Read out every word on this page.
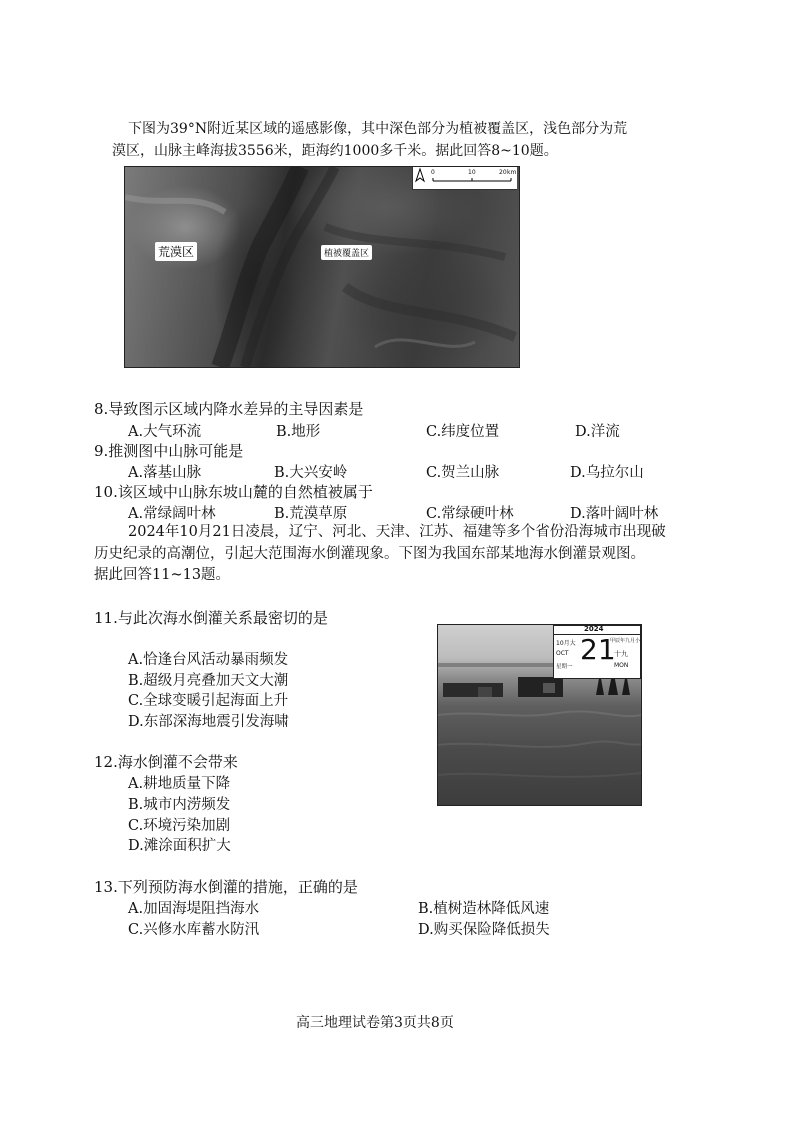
下图为39°N附近某区域的遥感影像，其中深色部分为植被覆盖区，浅色部分为荒
漠区，山脉主峰海拔3556米，距海约1000多千米。据此回答8~10题。
荒漠区	植被覆盖区
0	10	20 km
8.导致图示区域内降水差异的主导因素是
A.大气环流	B.地形	C.纬度位置	D.洋流
9.推测图中山脉可能是
A.落基山脉	B.大兴安岭	C.贺兰山脉	D.乌拉尔山
10.该区域中山脉东坡山麓的自然植被属于
A.常绿阔叶林	B.荒漠草原	C.常绿硬叶林	D.落叶阔叶林
2024年10月21日凌晨，辽宁、河北、天津、江苏、福建等多个省份沿海城市出现破
历史纪录的高潮位，引起大范围海水倒灌现象。下图为我国东部某地海水倒灌景观图。
据此回答11~13题。
11.与此次海水倒灌关系最密切的是
A.恰逢台风活动暴雨频发
B.超级月亮叠加天文大潮
C.全球变暖引起海面上升
D.东部深海地震引发海啸
2024
10月大
OCT
星期一
21
甲辰年九月小
十九
MON
12.海水倒灌不会带来
A.耕地质量下降
B.城市内涝频发
C.环境污染加剧
D.滩涂面积扩大
13.下列预防海水倒灌的措施，正确的是
A.加固海堤阻挡海水	B.植树造林降低风速
C.兴修水库蓄水防汛	D.购买保险降低损失
高三地理试卷第3页共8页
